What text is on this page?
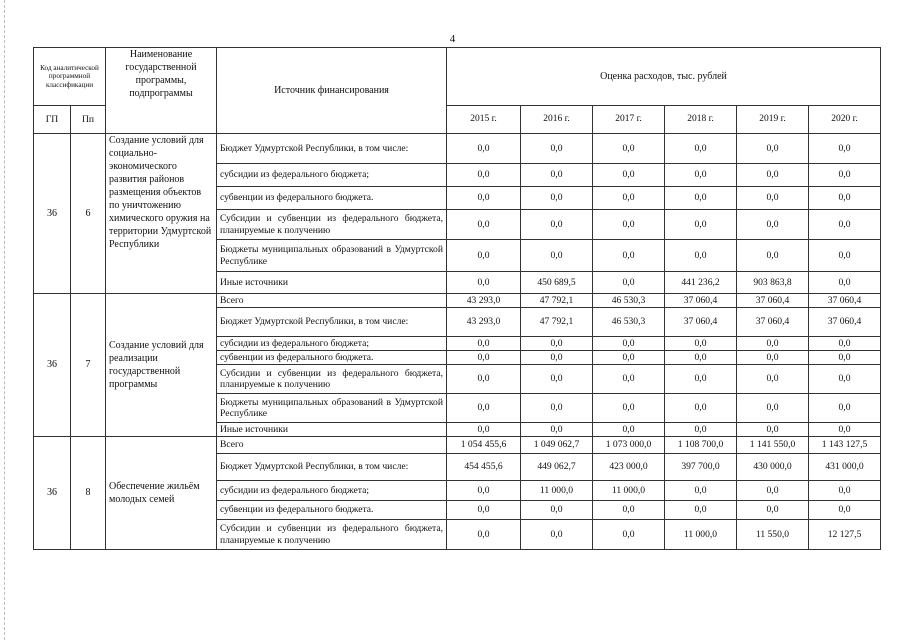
4
Код аналитической программной классификации		Наименование государственной программы, подпрограммы	Источник финансирования	Оценка расходов, тыс. рублей					
ГП	Пп			2015 г.	2016 г.	2017 г.	2018 г.	2019 г.	2020 г.
36	6	Создание условий для социально-экономического развития районов размещения объектов по уничтожению химического оружия на территории Удмуртской Республики	Бюджет Удмуртской Республики, в том числе:	0,0	0,0	0,0	0,0	0,0	0,0
			субсидии из федерального бюджета;	0,0	0,0	0,0	0,0	0,0	0,0
			субвенции из федерального бюджета.	0,0	0,0	0,0	0,0	0,0	0,0
			Субсидии и субвенции из федерального бюджета, планируемые к получению	0,0	0,0	0,0	0,0	0,0	0,0
			Бюджеты муниципальных образований в Удмуртской Республике	0,0	0,0	0,0	0,0	0,0	0,0
			Иные источники	0,0	450 689,5	0,0	441 236,2	903 863,8	0,0
36	7	Создание условий для реализации государственной программы	Всего	43 293,0	47 792,1	46 530,3	37 060,4	37 060,4	37 060,4
			Бюджет Удмуртской Республики, в том числе:	43 293,0	47 792,1	46 530,3	37 060,4	37 060,4	37 060,4
			субсидии из федерального бюджета;	0,0	0,0	0,0	0,0	0,0	0,0
			субвенции из федерального бюджета.	0,0	0,0	0,0	0,0	0,0	0,0
			Субсидии и субвенции из федерального бюджета, планируемые к получению	0,0	0,0	0,0	0,0	0,0	0,0
			Бюджеты муниципальных образований в Удмуртской Республике	0,0	0,0	0,0	0,0	0,0	0,0
			Иные источники	0,0	0,0	0,0	0,0	0,0	0,0
36	8	Обеспечение жильём молодых семей	Всего	1 054 455,6	1 049 062,7	1 073 000,0	1 108 700,0	1 141 550,0	1 143 127,5
			Бюджет Удмуртской Республики, в том числе:	454 455,6	449 062,7	423 000,0	397 700,0	430 000,0	431 000,0
			субсидии из федерального бюджета;	0,0	11 000,0	11 000,0	0,0	0,0	0,0
			субвенции из федерального бюджета.	0,0	0,0	0,0	0,0	0,0	0,0
			Субсидии и субвенции из федерального бюджета, планируемые к получению	0,0	0,0	0,0	11 000,0	11 550,0	12 127,5
